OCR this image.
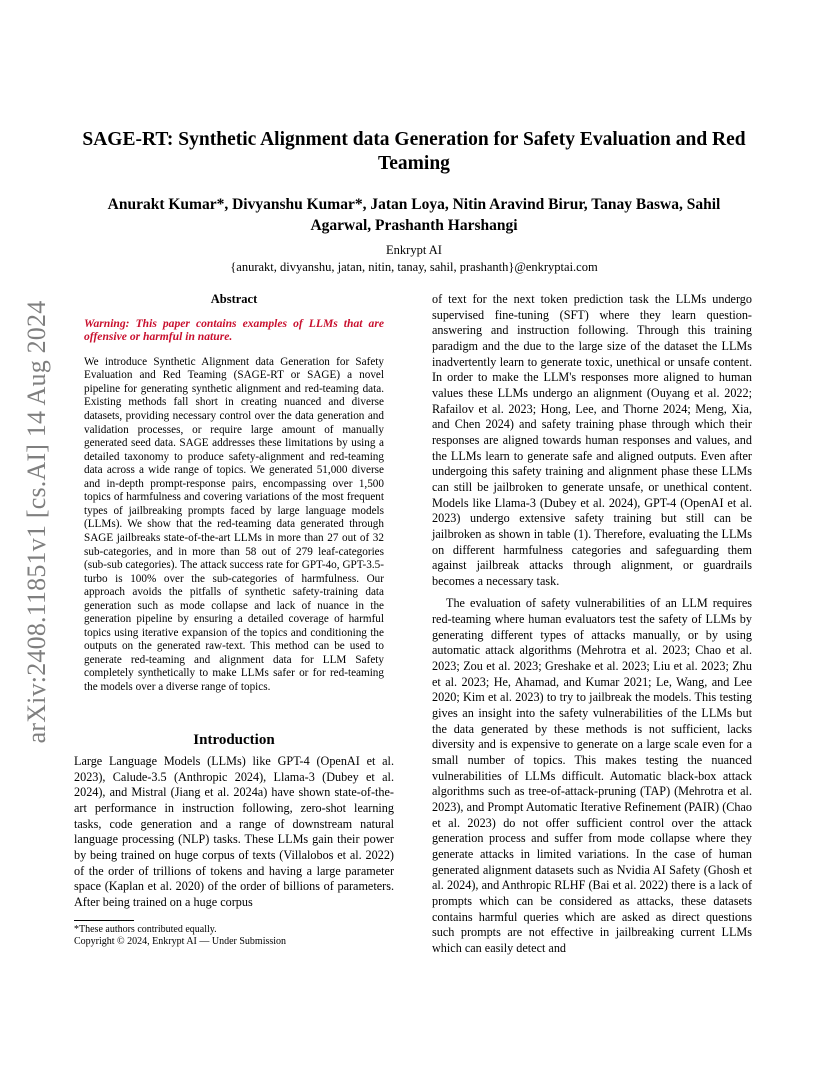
arXiv:2408.11851v1 [cs.AI] 14 Aug 2024
SAGE-RT: Synthetic Alignment data Generation for Safety Evaluation and Red Teaming

Anurakt Kumar*, Divyanshu Kumar*, Jatan Loya, Nitin Aravind Birur, Tanay Baswa, Sahil
Agarwal, Prashanth Harshangi

Enkrypt AI

{anurakt, divyanshu, jatan, nitin, tanay, sahil, prashanth}@enkryptai.com

Abstract

Warning: This paper contains examples of LLMs that are offensive or harmful in nature.

We introduce Synthetic Alignment data Generation for Safety Evaluation and Red Teaming (SAGE-RT or SAGE) a novel pipeline for generating synthetic alignment and red-teaming data. Existing methods fall short in creating nuanced and diverse datasets, providing necessary control over the data generation and validation processes, or require large amount of manually generated seed data. SAGE addresses these limitations by using a detailed taxonomy to produce safety-alignment and red-teaming data across a wide range of topics. We generated 51,000 diverse and in-depth prompt-response pairs, encompassing over 1,500 topics of harmfulness and covering variations of the most frequent types of jailbreaking prompts faced by large language models (LLMs). We show that the red-teaming data generated through SAGE jailbreaks state-of-the-art LLMs in more than 27 out of 32 sub-categories, and in more than 58 out of 279 leaf-categories (sub-sub categories). The attack success rate for GPT-4o, GPT-3.5-turbo is 100% over the sub-categories of harmfulness. Our approach avoids the pitfalls of synthetic safety-training data generation such as mode collapse and lack of nuance in the generation pipeline by ensuring a detailed coverage of harmful topics using iterative expansion of the topics and conditioning the outputs on the generated raw-text. This method can be used to generate red-teaming and alignment data for LLM Safety completely synthetically to make LLMs safer or for red-teaming the models over a diverse range of topics.

Introduction

Large Language Models (LLMs) like GPT-4 (OpenAI et al. 2023), Calude-3.5 (Anthropic 2024), Llama-3 (Dubey et al. 2024), and Mistral (Jiang et al. 2024a) have shown state-of-the-art performance in instruction following, zero-shot learning tasks, code generation and a range of downstream natural language processing (NLP) tasks. These LLMs gain their power by being trained on huge corpus of texts (Villalobos et al. 2022) of the order of trillions of tokens and having a large parameter space (Kaplan et al. 2020) of the order of billions of parameters. After being trained on a huge corpus

*These authors contributed equally.

Copyright © 2024, Enkrypt AI — Under Submission

of text for the next token prediction task the LLMs undergo supervised fine-tuning (SFT) where they learn question-answering and instruction following. Through this training paradigm and the due to the large size of the dataset the LLMs inadvertently learn to generate toxic, unethical or unsafe content. In order to make the LLM's responses more aligned to human values these LLMs undergo an alignment (Ouyang et al. 2022; Rafailov et al. 2023; Hong, Lee, and Thorne 2024; Meng, Xia, and Chen 2024) and safety training phase through which their responses are aligned towards human responses and values, and the LLMs learn to generate safe and aligned outputs. Even after undergoing this safety training and alignment phase these LLMs can still be jailbroken to generate unsafe, or unethical content. Models like Llama-3 (Dubey et al. 2024), GPT-4 (OpenAI et al. 2023) undergo extensive safety training but still can be jailbroken as shown in table (1). Therefore, evaluating the LLMs on different harmfulness categories and safeguarding them against jailbreak attacks through alignment, or guardrails becomes a necessary task.

The evaluation of safety vulnerabilities of an LLM requires red-teaming where human evaluators test the safety of LLMs by generating different types of attacks manually, or by using automatic attack algorithms (Mehrotra et al. 2023; Chao et al. 2023; Zou et al. 2023; Greshake et al. 2023; Liu et al. 2023; Zhu et al. 2023; He, Ahamad, and Kumar 2021; Le, Wang, and Lee 2020; Kim et al. 2023) to try to jailbreak the models. This testing gives an insight into the safety vulnerabilities of the LLMs but the data generated by these methods is not sufficient, lacks diversity and is expensive to generate on a large scale even for a small number of topics. This makes testing the nuanced vulnerabilities of LLMs difficult. Automatic black-box attack algorithms such as tree-of-attack-pruning (TAP) (Mehrotra et al. 2023), and Prompt Automatic Iterative Refinement (PAIR) (Chao et al. 2023) do not offer sufficient control over the attack generation process and suffer from mode collapse where they generate attacks in limited variations. In the case of human generated alignment datasets such as Nvidia AI Safety (Ghosh et al. 2024), and Anthropic RLHF (Bai et al. 2022) there is a lack of prompts which can be considered as attacks, these datasets contains harmful queries which are asked as direct questions such prompts are not effective in jailbreaking current LLMs which can easily detect and
